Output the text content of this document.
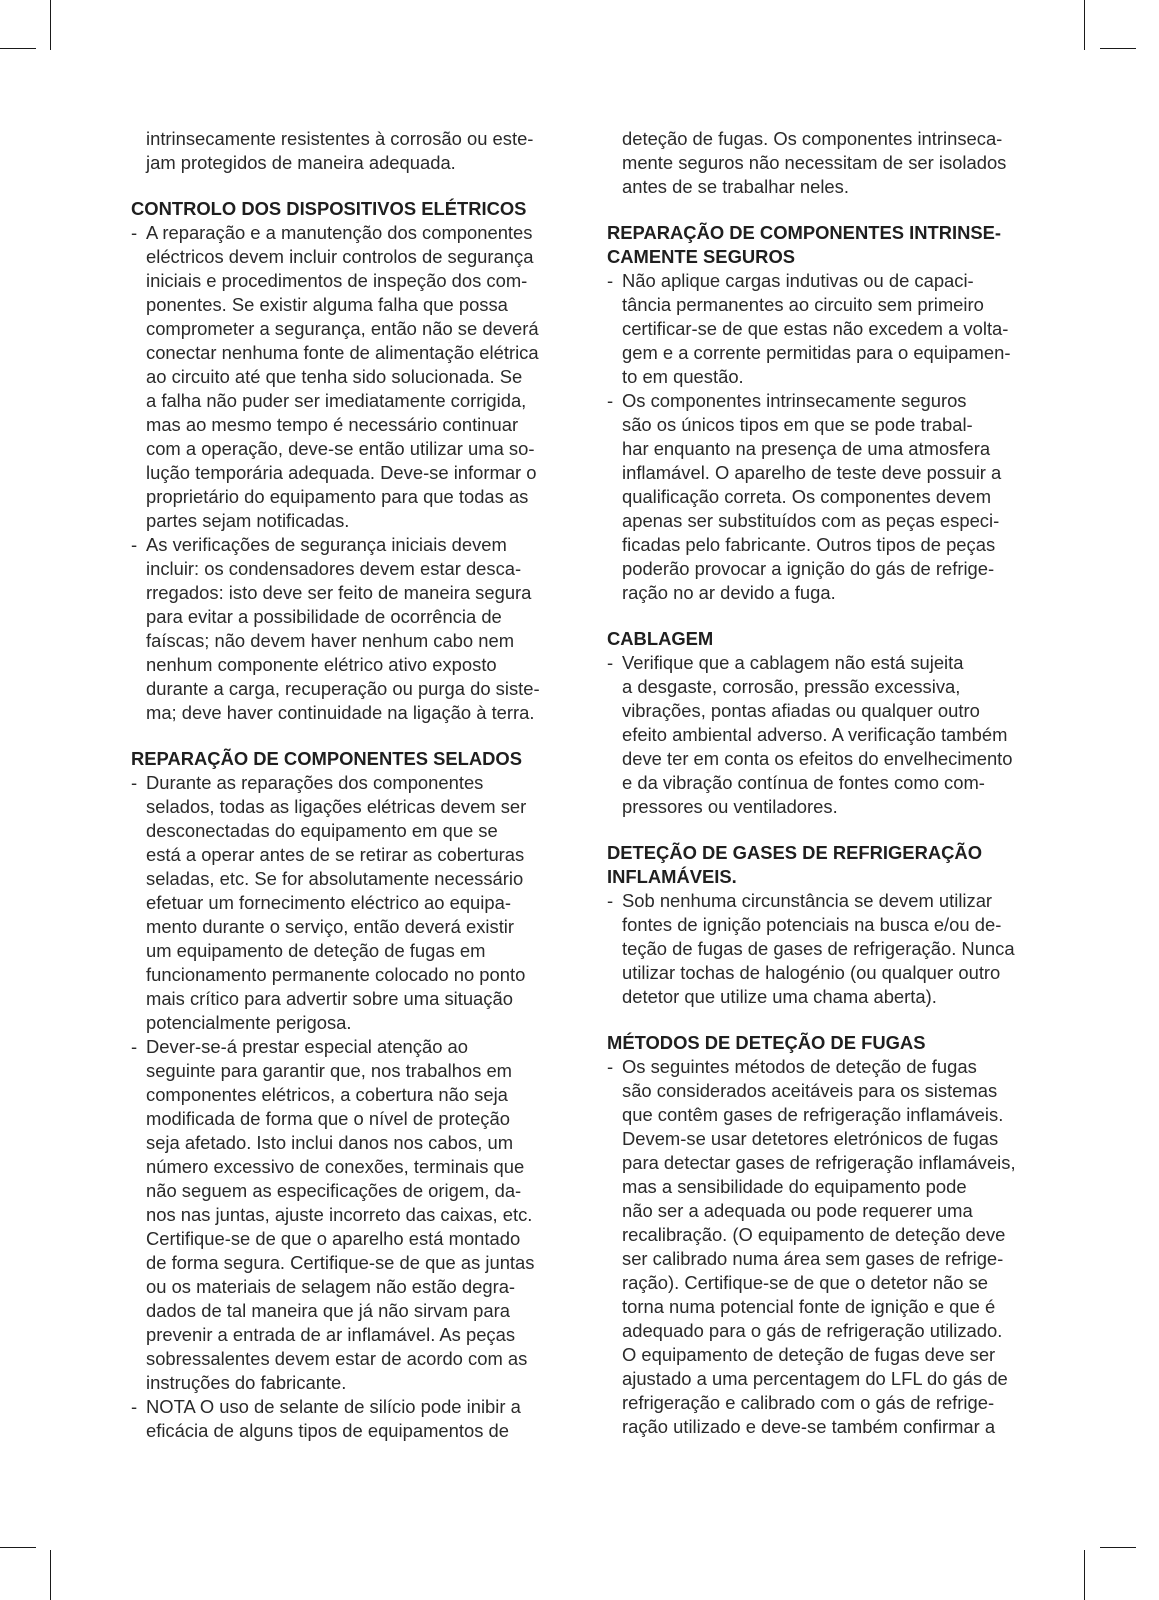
intrinsecamente resistentes à corrosão ou este-
jam protegidos de maneira adequada.
CONTROLO DOS DISPOSITIVOS ELÉTRICOS
- A reparação e a manutenção dos componentes
eléctricos devem incluir controlos de segurança
iniciais e procedimentos de inspeção dos com-
ponentes. Se existir alguma falha que possa
comprometer a segurança, então não se deverá
conectar nenhuma fonte de alimentação elétrica
ao circuito até que tenha sido solucionada. Se
a falha não puder ser imediatamente corrigida,
mas ao mesmo tempo é necessário continuar
com a operação, deve-se então utilizar uma so-
lução temporária adequada. Deve-se informar o
proprietário do equipamento para que todas as
partes sejam notificadas.
- As verificações de segurança iniciais devem
incluir: os condensadores devem estar desca-
rregados: isto deve ser feito de maneira segura
para evitar a possibilidade de ocorrência de
faíscas; não devem haver nenhum cabo nem
nenhum componente elétrico ativo exposto
durante a carga, recuperação ou purga do siste-
ma; deve haver continuidade na ligação à terra.
REPARAÇÃO DE COMPONENTES SELADOS
- Durante as reparações dos componentes
selados, todas as ligações elétricas devem ser
desconectadas do equipamento em que se
está a operar antes de se retirar as coberturas
seladas, etc. Se for absolutamente necessário
efetuar um fornecimento eléctrico ao equipa-
mento durante o serviço, então deverá existir
um equipamento de deteção de fugas em
funcionamento permanente colocado no ponto
mais crítico para advertir sobre uma situação
potencialmente perigosa.
- Dever-se-á prestar especial atenção ao
seguinte para garantir que, nos trabalhos em
componentes elétricos, a cobertura não seja
modificada de forma que o nível de proteção
seja afetado. Isto inclui danos nos cabos, um
número excessivo de conexões, terminais que
não seguem as especificações de origem, da-
nos nas juntas, ajuste incorreto das caixas, etc.
Certifique-se de que o aparelho está montado
de forma segura. Certifique-se de que as juntas
ou os materiais de selagem não estão degra-
dados de tal maneira que já não sirvam para
prevenir a entrada de ar inflamável. As peças
sobressalentes devem estar de acordo com as
instruções do fabricante.
- NOTA O uso de selante de silício pode inibir a
eficácia de alguns tipos de equipamentos de
deteção de fugas. Os componentes intrinseca-
mente seguros não necessitam de ser isolados
antes de se trabalhar neles.
REPARAÇÃO DE COMPONENTES INTRINSE-
CAMENTE SEGUROS
- Não aplique cargas indutivas ou de capaci-
tância permanentes ao circuito sem primeiro
certificar-se de que estas não excedem a volta-
gem e a corrente permitidas para o equipamen-
to em questão.
- Os componentes intrinsecamente seguros
são os únicos tipos em que se pode trabal-
har enquanto na presença de uma atmosfera
inflamável. O aparelho de teste deve possuir a
qualificação correta. Os componentes devem
apenas ser substituídos com as peças especi-
ficadas pelo fabricante. Outros tipos de peças
poderão provocar a ignição do gás de refrige-
ração no ar devido a fuga.
CABLAGEM
- Verifique que a cablagem não está sujeita
a desgaste, corrosão, pressão excessiva,
vibrações, pontas afiadas ou qualquer outro
efeito ambiental adverso. A verificação também
deve ter em conta os efeitos do envelhecimento
e da vibração contínua de fontes como com-
pressores ou ventiladores.
DETEÇÃO DE GASES DE REFRIGERAÇÃO
INFLAMÁVEIS.
- Sob nenhuma circunstância se devem utilizar
fontes de ignição potenciais na busca e/ou de-
teção de fugas de gases de refrigeração. Nunca
utilizar tochas de halogénio (ou qualquer outro
detetor que utilize uma chama aberta).
MÉTODOS DE DETEÇÃO DE FUGAS
- Os seguintes métodos de deteção de fugas
são considerados aceitáveis para os sistemas
que contêm gases de refrigeração inflamáveis.
Devem-se usar detetores eletrónicos de fugas
para detectar gases de refrigeração inflamáveis,
mas a sensibilidade do equipamento pode
não ser a adequada ou pode requerer uma
recalibração. (O equipamento de deteção deve
ser calibrado numa área sem gases de refrige-
ração). Certifique-se de que o detetor não se
torna numa potencial fonte de ignição e que é
adequado para o gás de refrigeração utilizado.
O equipamento de deteção de fugas deve ser
ajustado a uma percentagem do LFL do gás de
refrigeração e calibrado com o gás de refrige-
ração utilizado e deve-se também confirmar a
